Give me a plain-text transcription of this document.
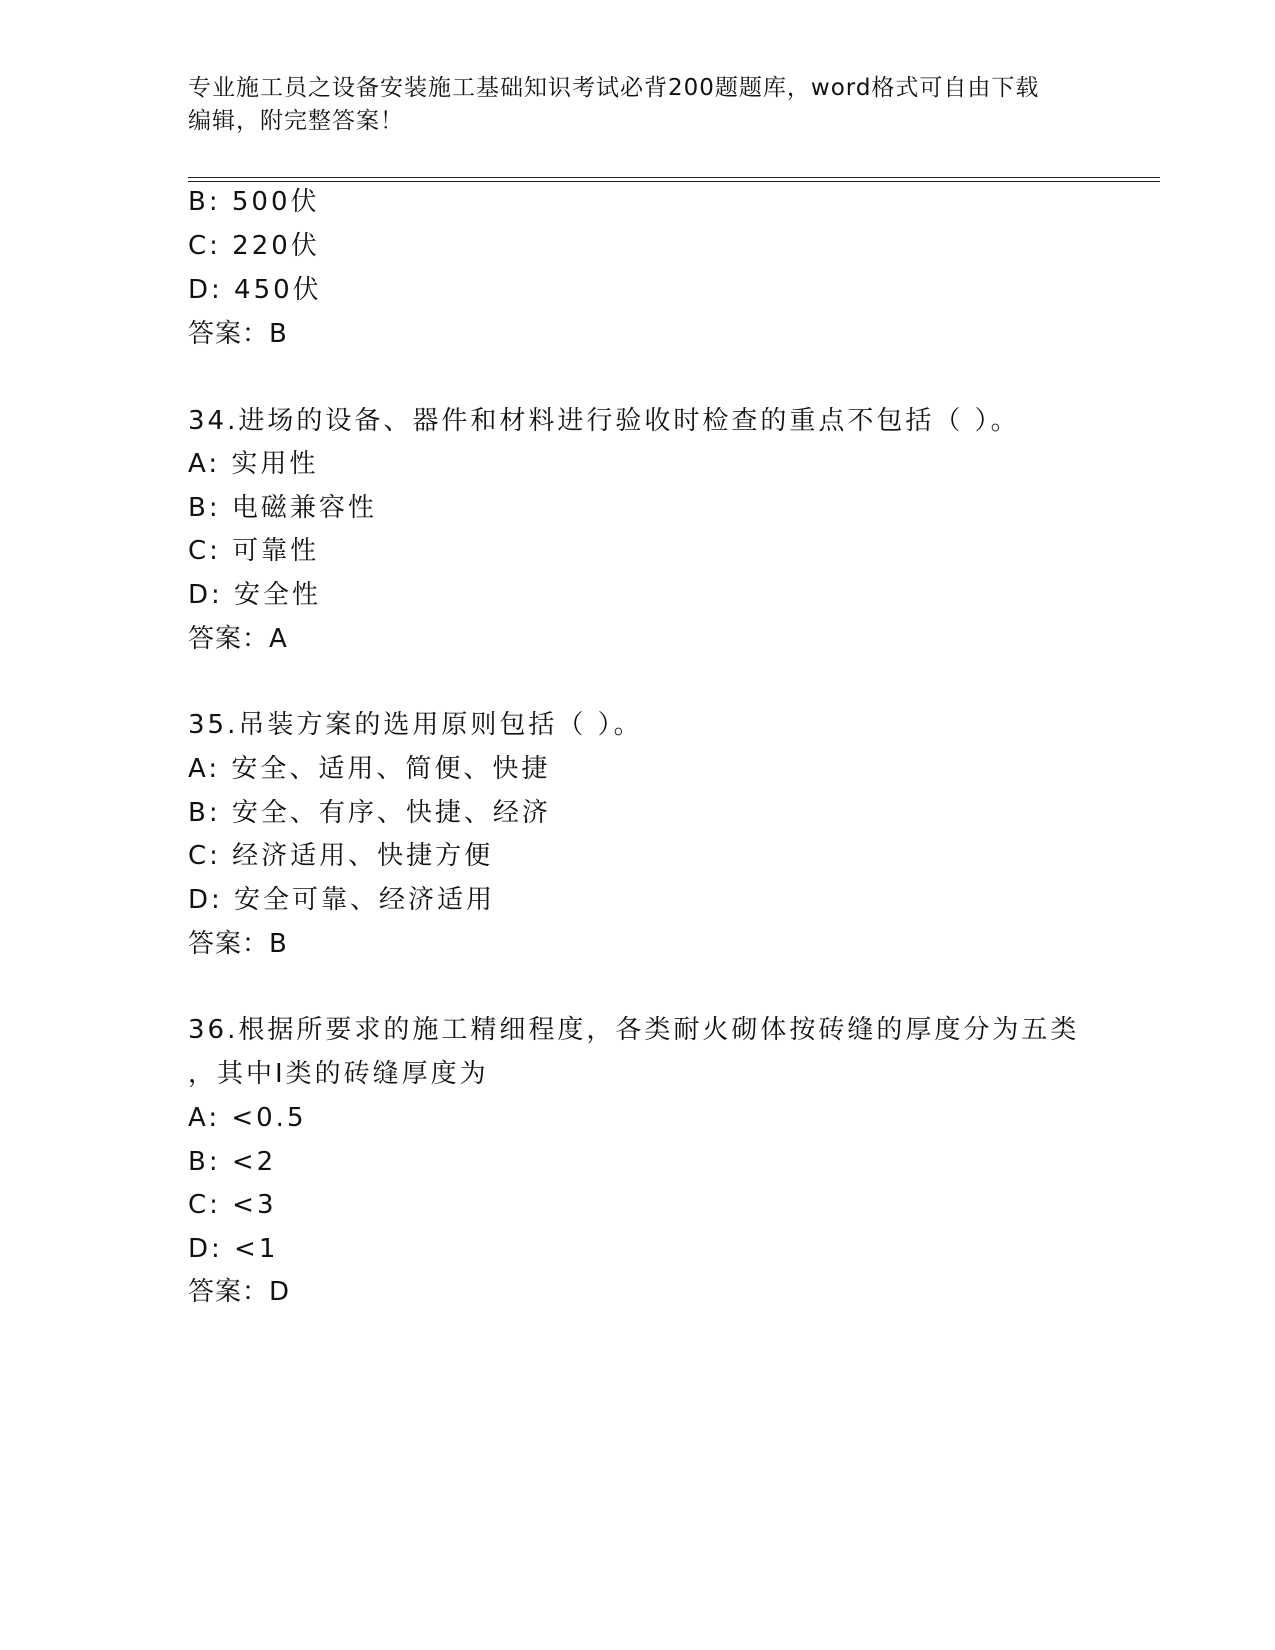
专业施工员之设备安装施工基础知识考试必背200题题库，word格式可自由下载
编辑，附完整答案！
B: 500伏
C: 220伏
D: 450伏
答案：B
34.进场的设备、器件和材料进行验收时检查的重点不包括（ ）。
A: 实用性
B: 电磁兼容性
C: 可靠性
D: 安全性
答案：A
35.吊装方案的选用原则包括（ ）。
A: 安全、适用、简便、快捷
B: 安全、有序、快捷、经济
C: 经济适用、快捷方便
D: 安全可靠、经济适用
答案：B
36.根据所要求的施工精细程度，各类耐火砌体按砖缝的厚度分为五类
，其中Ⅰ类的砖缝厚度为
A: <0.5
B: <2
C: <3
D: <1
答案：D
